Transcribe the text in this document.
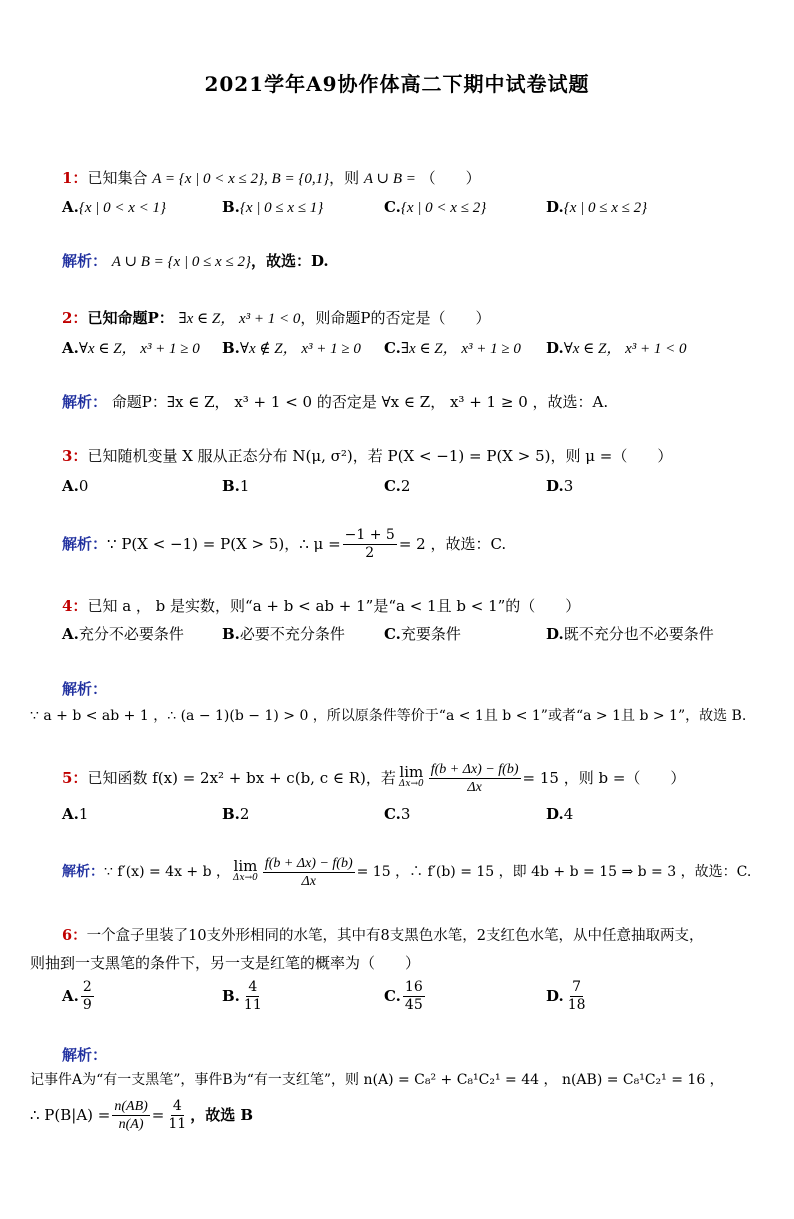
2021学年A9协作体高二下期中试卷试题
1：已知集合 A = {x | 0 < x ≤ 2}, B = {0,1}，则 A ∪ B = （　　）
A.{x | 0 < x < 1}	B.{x | 0 ≤ x ≤ 1}	C.{x | 0 < x ≤ 2}	D.{x | 0 ≤ x ≤ 2}
解析： A ∪ B = {x | 0 ≤ x ≤ 2}，故选：D.
2：已知命题P： ∃x ∈ Z， x³ + 1 < 0，则命题P的否定是（　　）
A.∀x ∈ Z， x³ + 1 ≥ 0 B.∀x ∉ Z， x³ + 1 ≥ 0 C.∃x ∈ Z， x³ + 1 ≥ 0 D.∀x ∈ Z， x³ + 1 < 0
解析： 命题P：∃x ∈ Z， x³ + 1 < 0 的否定是 ∀x ∈ Z， x³ + 1 ≥ 0 ，故选：A.
3：已知随机变量 X 服从正态分布 N(μ, σ²)，若 P(X < −1) = P(X > 5)，则 μ =（　　）
A.0	B.1	C.2	D.3
解析： ∵ P(X < −1) = P(X > 5)，∴ $\mu = \frac{-1 + 5}{2} = 2$ ，故选：C.
4：已知 a ， b 是实数，则“a + b < ab + 1”是“a < 1且 b < 1”的（　　）
A.充分不必要条件	B.必要不充分条件	C.充要条件	D.既不充分也不必要条件
解析：
∵ a + b < ab + 1 ，∴ (a − 1)(b − 1) > 0 ，所以原条件等价于“a < 1且 b < 1”或者“a > 1且 b > 1”，故选 B.
5： 已知函数 f(x) = 2x² + bx + c(b, c ∈ R)，若 lim
$\Delta x\to 0 \frac{f(b + \Delta x) - f(b)}{\Delta x} = 15$ ，则 b =（　　）
A.1	B.2	C.3	D.4
解析： ∵ f′(x) = 4x + b ， lim
$\Delta x\to 0 \frac{f(b + \Delta x) - f(b)}{\Delta x} = 15$ ，∴ f′(b) = 15 ，即 4b + b = 15 ⇒ b = 3 ，故选：C.
6：一个盒子里装了10支外形相同的水笔，其中有8支黑色水笔，2支红色水笔，从中任意抽取两支，
则抽到一支黑笔的条件下，另一支是红笔的概率为（　　）
A. $\frac{2}{9}$	B. $\frac{4}{11}$	C. $\frac{16}{45}$	D. $\frac{7}{18}$
解析：
记事件A为“有一支黑笔”，事件B为“有一支红笔”，则 n(A) = C₈² + C₈¹C₂¹ = 44 ， n(AB) = C₈¹C₂¹ = 16 ，
∴ $P(B|A) = \frac{n(AB)}{n(A)} = \frac{4}{11}$ ，故选 B
